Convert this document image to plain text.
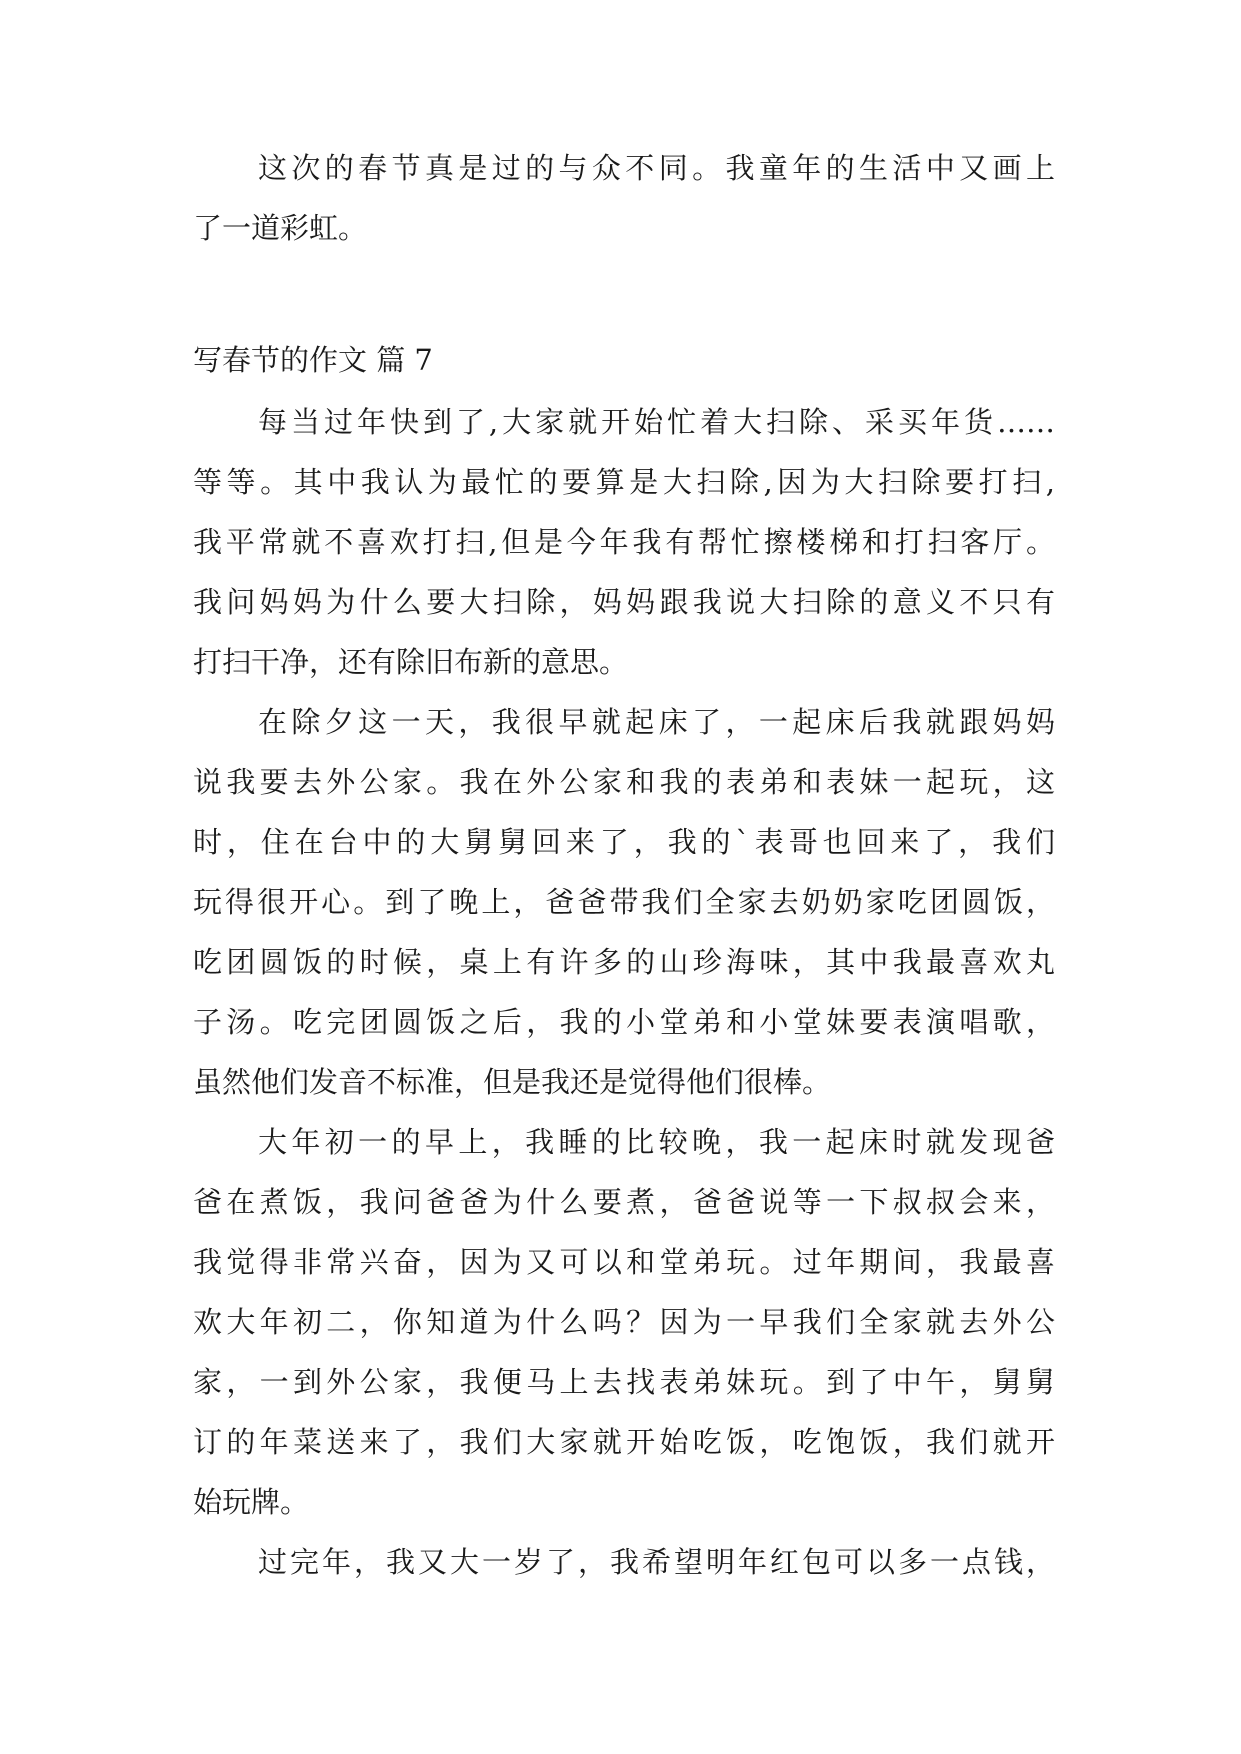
这次的春节真是过的与众不同。我童年的生活中又画上
了一道彩虹。
写春节的作文 篇 7
每当过年快到了,大家就开始忙着大扫除、采买年货……
等等。其中我认为最忙的要算是大扫除,因为大扫除要打扫,
我平常就不喜欢打扫,但是今年我有帮忙擦楼梯和打扫客厅。
我问妈妈为什么要大扫除，妈妈跟我说大扫除的意义不只有
打扫干净，还有除旧布新的意思。
在除夕这一天，我很早就起床了，一起床后我就跟妈妈
说我要去外公家。我在外公家和我的表弟和表妹一起玩，这
时，住在台中的大舅舅回来了，我的`表哥也回来了，我们
玩得很开心。到了晚上，爸爸带我们全家去奶奶家吃团圆饭，
吃团圆饭的时候，桌上有许多的山珍海味，其中我最喜欢丸
子汤。吃完团圆饭之后，我的小堂弟和小堂妹要表演唱歌，
虽然他们发音不标准，但是我还是觉得他们很棒。
大年初一的早上，我睡的比较晚，我一起床时就发现爸
爸在煮饭，我问爸爸为什么要煮，爸爸说等一下叔叔会来，
我觉得非常兴奋，因为又可以和堂弟玩。过年期间，我最喜
欢大年初二，你知道为什么吗？因为一早我们全家就去外公
家，一到外公家，我便马上去找表弟妹玩。到了中午，舅舅
订的年菜送来了，我们大家就开始吃饭，吃饱饭，我们就开
始玩牌。
过完年，我又大一岁了，我希望明年红包可以多一点钱，
